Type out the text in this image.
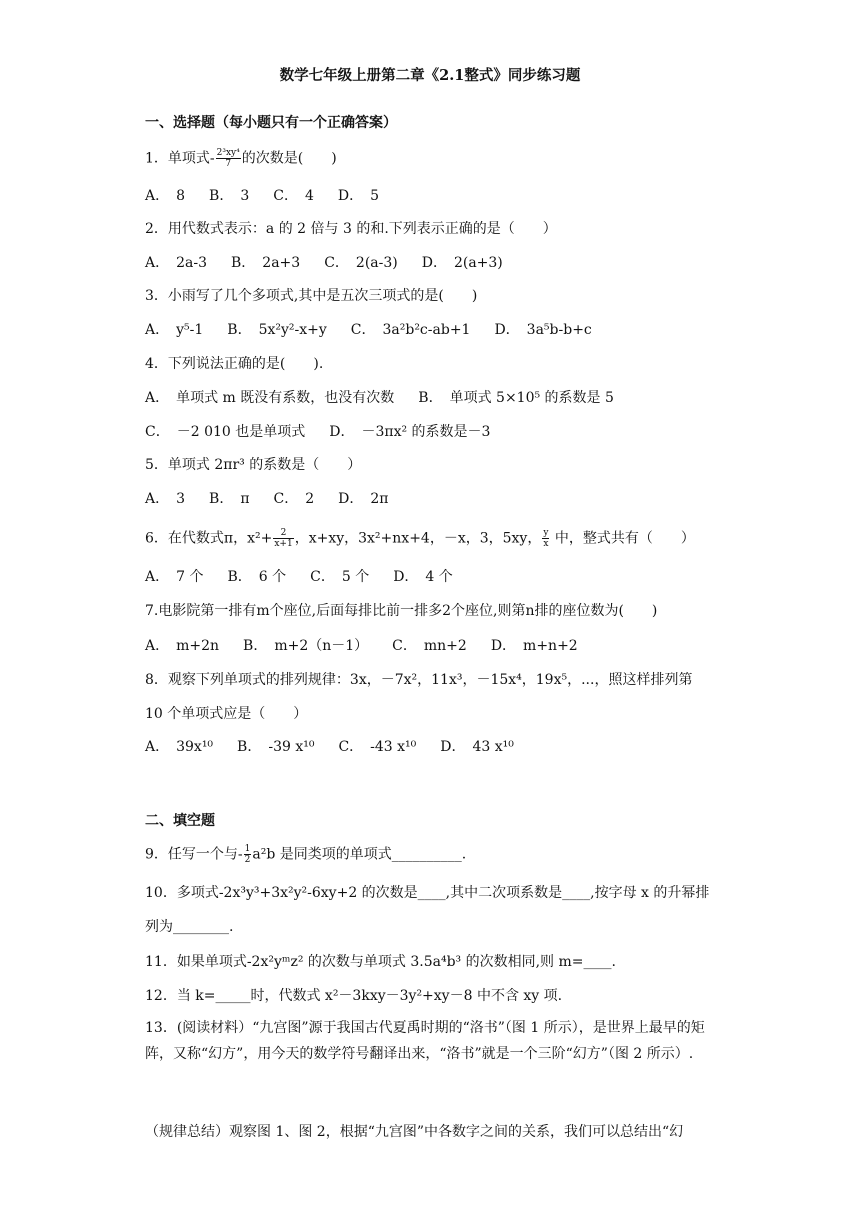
数学七年级上册第二章《2.1整式》同步练习题
一、选择题（每小题只有一个正确答案）
1．单项式- $\frac{\text{2³xy⁴}}{7}$ 的次数是(　　)
A．　8 B．　3 C．　4 D．　5
2．用代数式表示：a 的 2 倍与 3 的和.下列表示正确的是（　　）
A．　2a-3 B．　2a+3 C．　2(a-3) D．　2(a+3)
3．小雨写了几个多项式,其中是五次三项式的是(　　)
A．　y⁵-1 B．　5x²y²-x+y C．　3a²b²c-ab+1 D．　3a⁵b-b+c
4．下列说法正确的是(　　).
A．　单项式 m 既没有系数，也没有次数 B．　单项式 5×10⁵ 的系数是 5
C．　－2 010 也是单项式 D．　－3πx² 的系数是－3
5．单项式 2πr³ 的系数是（　　）
A．　3 B．　π C．　2 D．　2π
6．在代数式π，$x^2+ \frac{2}{x+1}$ ，x+xy，3x²+nx+4，－x，3，5xy， $\frac{y}{x}$ 中，整式共有（　　）
A．　7 个 B．　6 个 C．　5 个 D．　4 个
7.电影院第一排有m个座位,后面每排比前一排多2个座位,则第n排的座位数为(　　)
A．　m+2n B．　m+2（n－1） C．　mn+2 D．　m+n+2
8．观察下列单项式的排列规律：3x，－7x²，11x³，－15x⁴，19x⁵，...，照这样排列第
10 个单项式应是（　　）
A．　39x¹⁰ B．　-39 x¹⁰ C．　-43 x¹⁰ D．　43 x¹⁰
二、填空题
9．任写一个与- $\frac{1}{2} a^2b$ 是同类项的单项式__________.
10．多项式-2x³y³+3x²y²-6xy+2 的次数是____,其中二次项系数是____,按字母 x 的升幂排
列为________.
11．如果单项式-2x²yᵐz² 的次数与单项式 3.5a⁴b³ 的次数相同,则 m=____.
12．当 k=_____时，代数式 x²－3kxy－3y²+xy－8 中不含 xy 项.
13．(阅读材料）“九宫图”源于我国古代夏禹时期的“洛书”（图 1 所示），是世界上最早的矩阵，又称“幻方”，用今天的数学符号翻译出来，“洛书”就是一个三阶“幻方”（图 2 所示）.
（规律总结）观察图 1、图 2，根据“九宫图”中各数字之间的关系，我们可以总结出“幻
